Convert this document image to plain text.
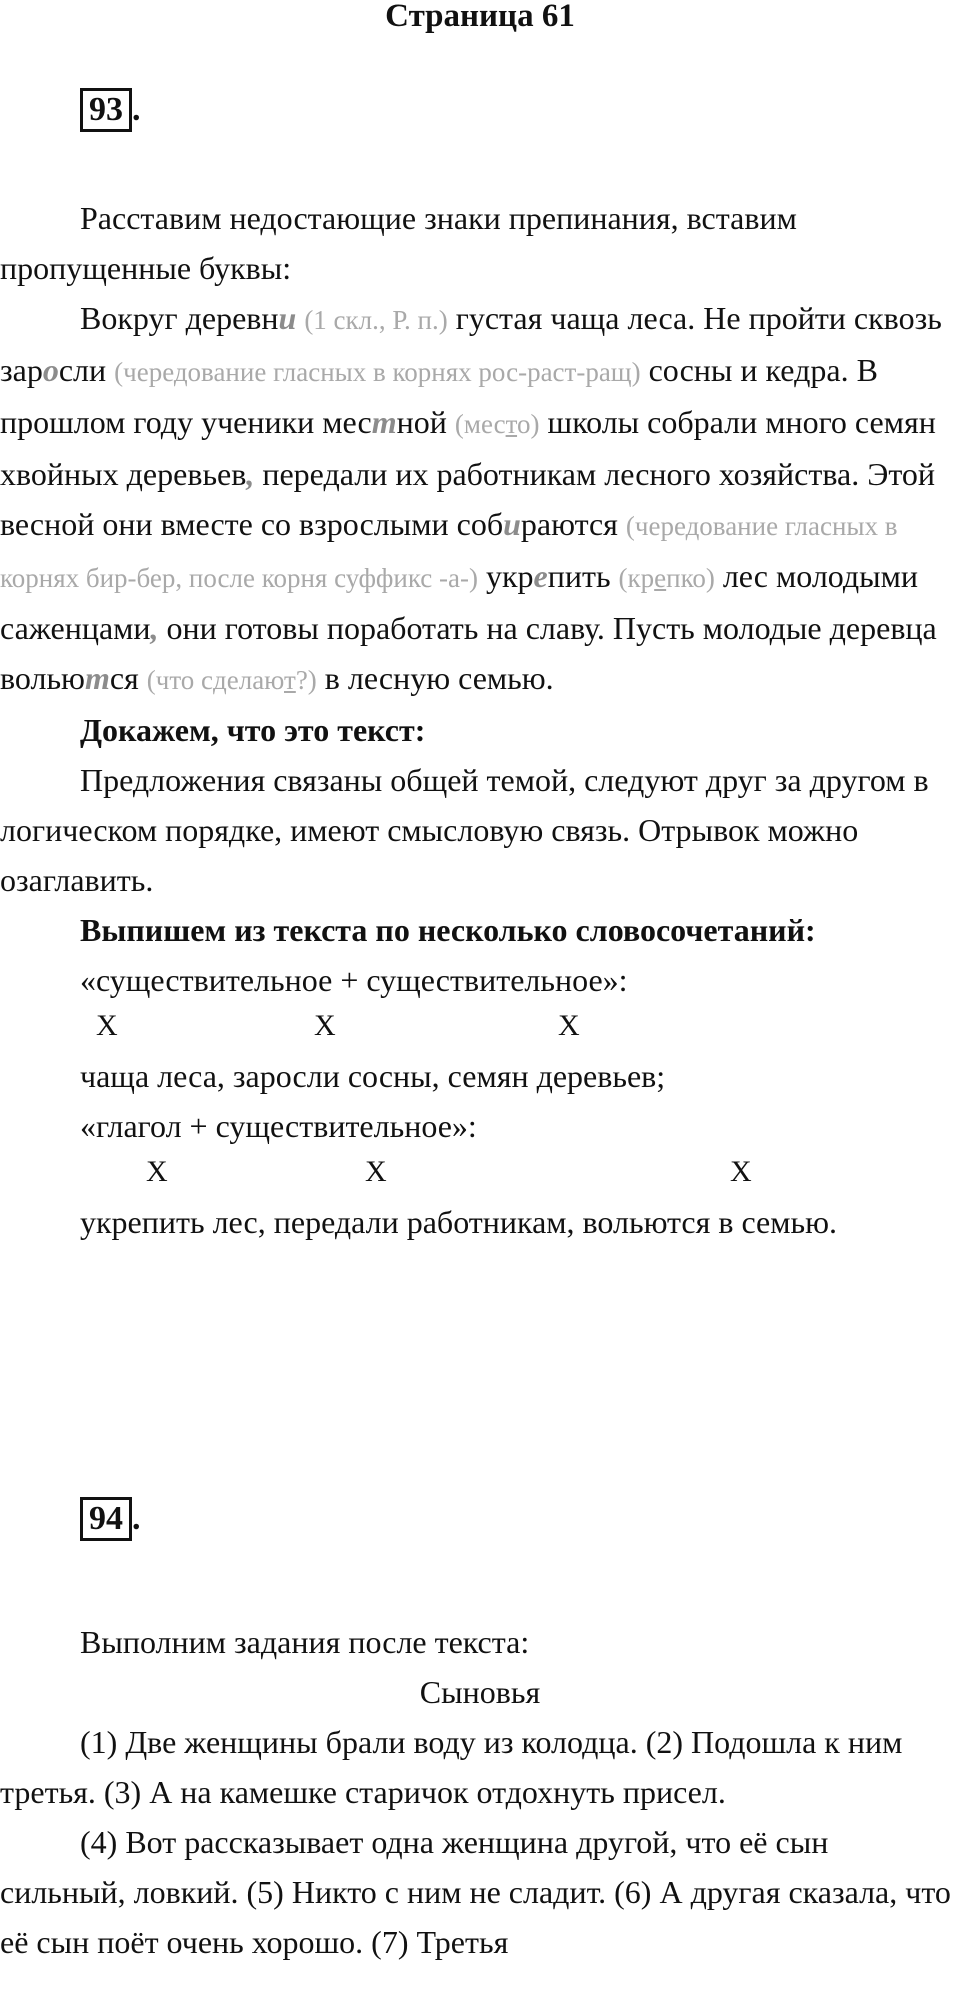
Страница 61
93 .

Расставим недостающие знаки препинания, вставим пропущенные буквы:

Вокруг деревни (1 скл., Р. п.) густая чаща леса. Не пройти сквозь заросли (чередование гласных в корнях рос-раст-ращ) сосны и кедра. В прошлом году ученики местной (место) школы собрали много семян хвойных деревьев, передали их работникам лесного хозяйства. Этой весной они вместе со взрослыми собираются (чередование гласных в корнях бир-бер, после корня суффикс -а-) укрепить (крепко) лес молодыми саженцами, они готовы поработать на славу. Пусть молодые деревца вольются (что сделают?) в лесную семью.

Докажем, что это текст:

Предложения связаны общей темой, следуют друг за другом в логическом порядке, имеют смысловую связь. Отрывок можно озаглавить.

Выпишем из текста по несколько словосочетаний:

«существительное + существительное»:

Х	Х	Х

чаща леса, заросли сосны, семян деревьев;

«глагол + существительное»:

Х	Х	Х

укрепить лес, передали работникам, вольются в семью.

94 .

Выполним задания после текста:

Сыновья

(1) Две женщины брали воду из колодца. (2) Подошла к ним третья. (3) А на камешке старичок отдохнуть присел.

(4) Вот рассказывает одна женщина другой, что её сын сильный, ловкий. (5) Никто с ним не сладит. (6) А другая сказала, что её сын поёт очень хорошо. (7) Третья
